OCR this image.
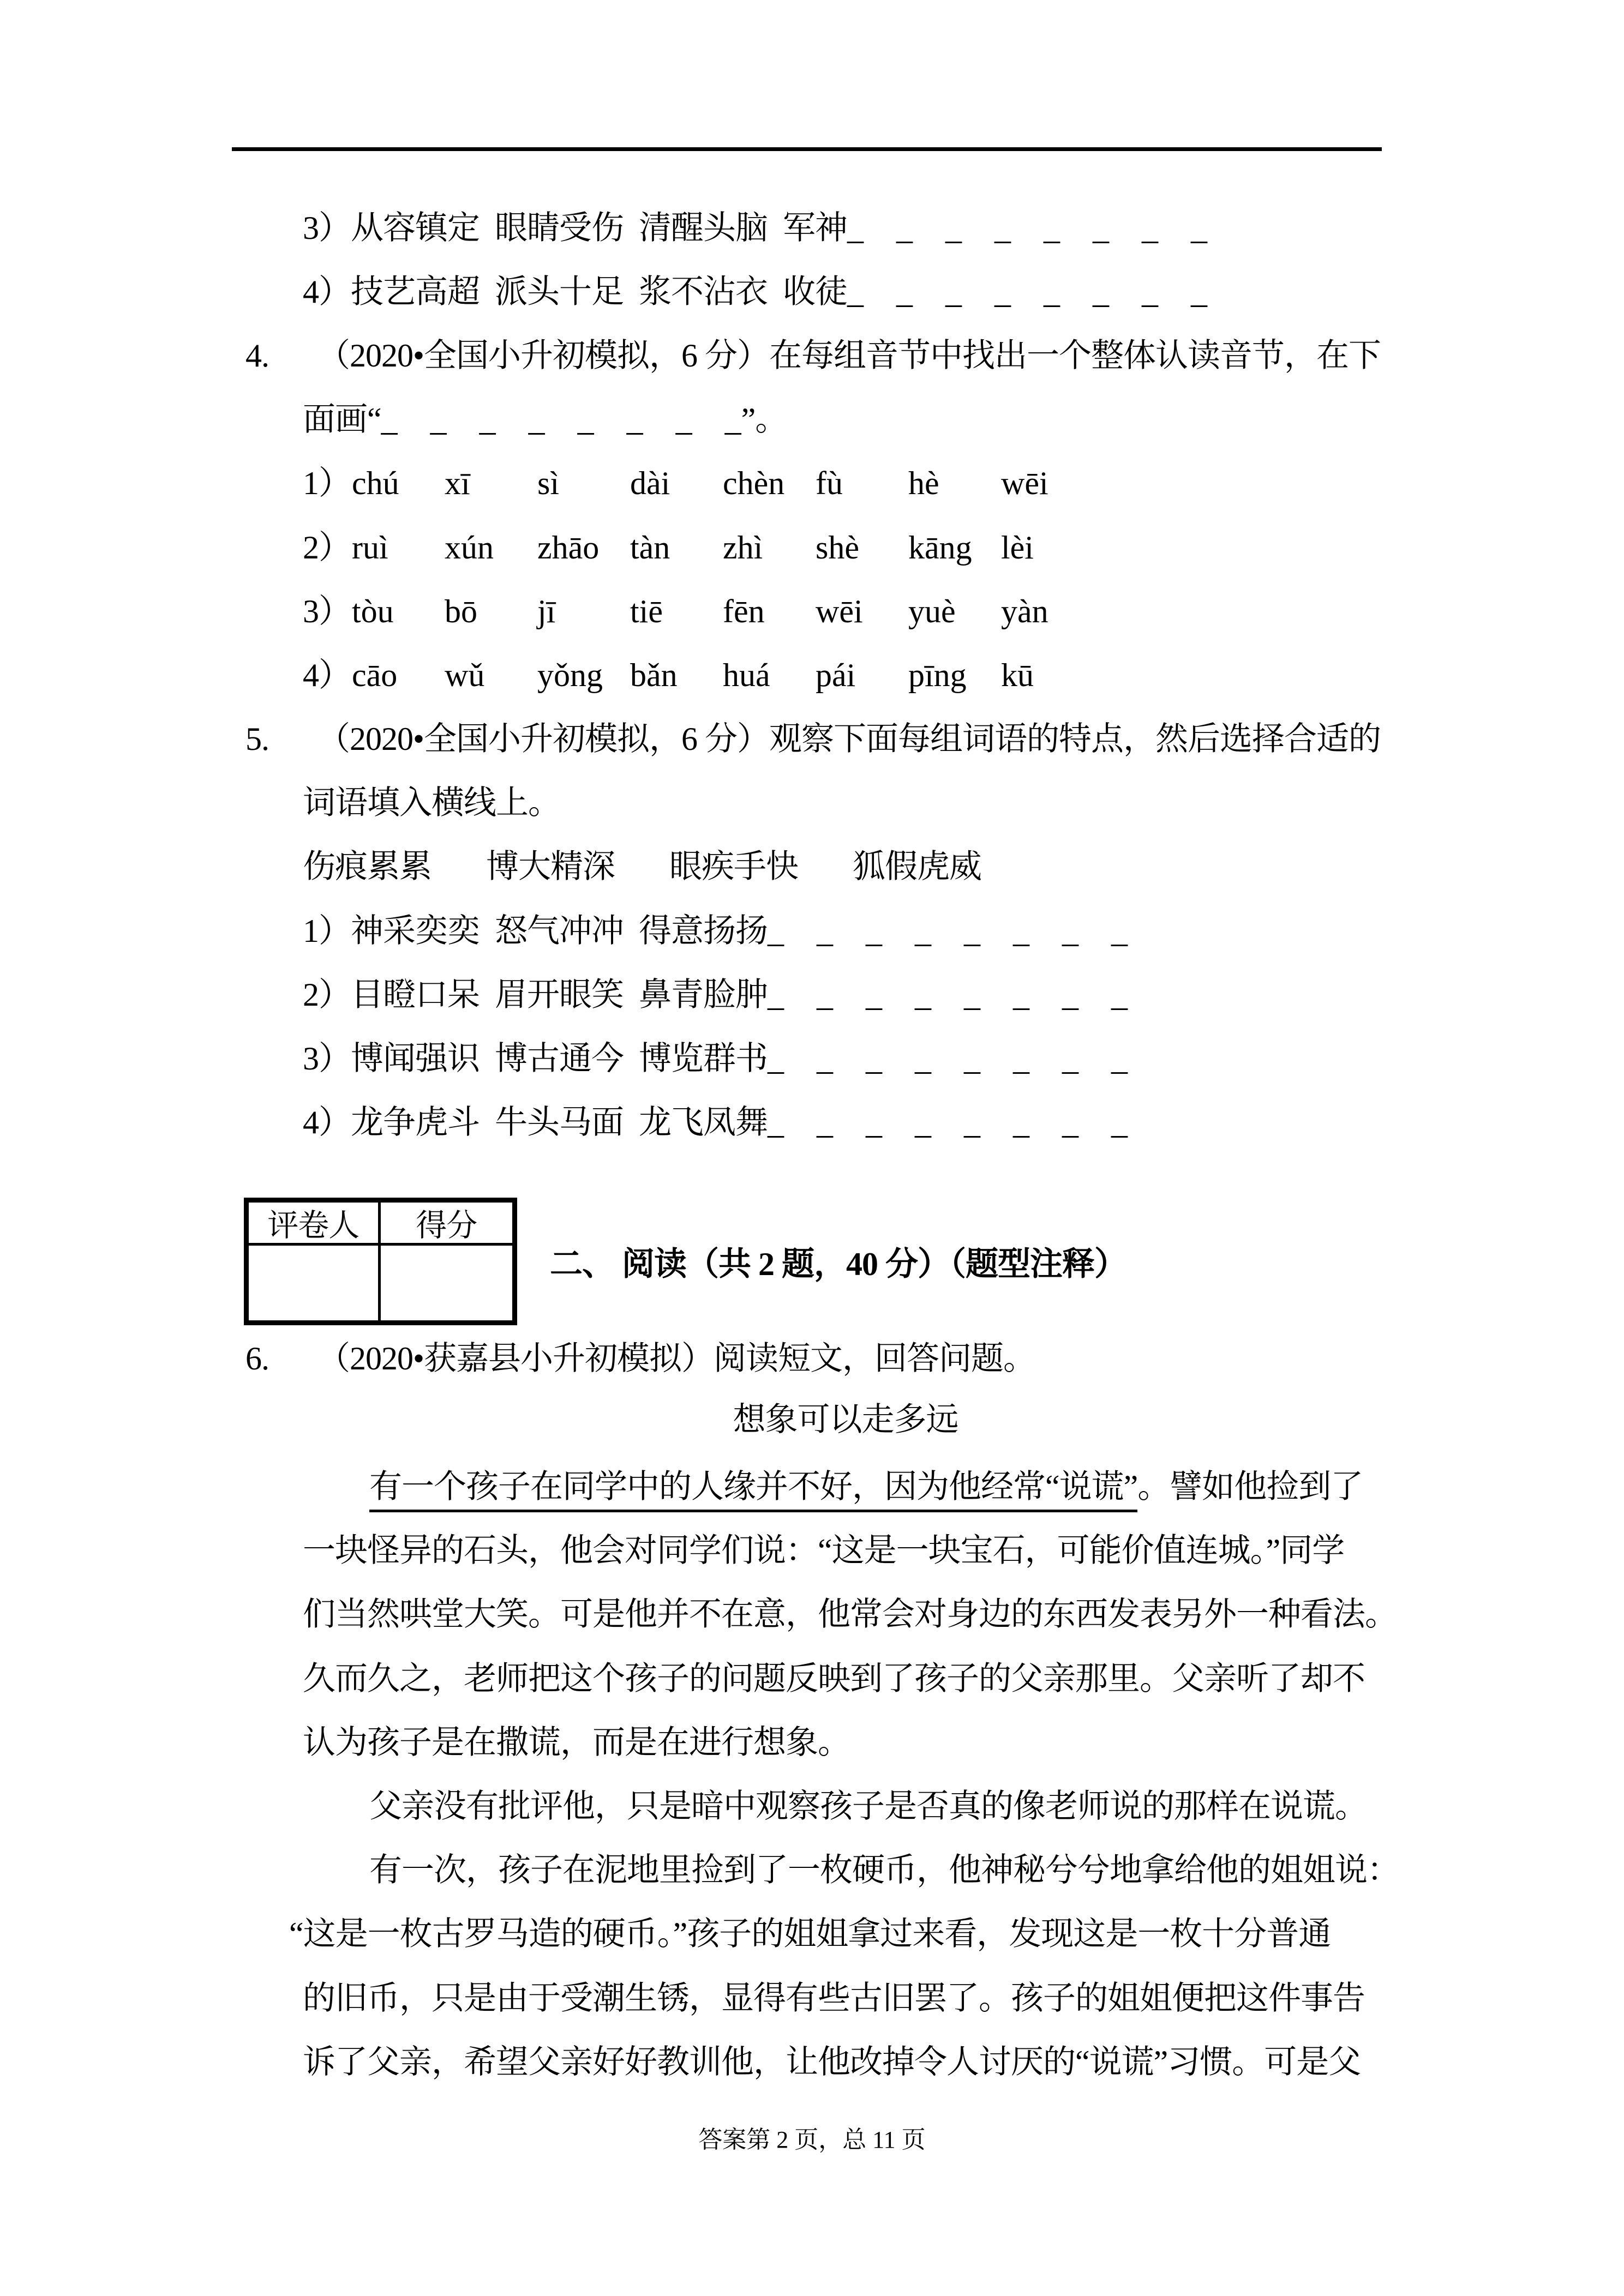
3）从容镇定 眼睛受伤 清醒头脑 军神_ _ _ _ _ _ _ _
4）技艺高超 派头十足 浆不沾衣 收徒_ _ _ _ _ _ _ _
4. （2020•全国小升初模拟，6 分）在每组音节中找出一个整体认读音节，在下
面画“_ _ _ _ _ _ _ _”。
1）chú xī sì dài chèn fù hè wēi
2）ruì xún zhāo tàn zhì shè kāng lèi
3）tòu bō jī tiē fēn wēi yuè yàn
4）cāo wǔ yǒng bǎn huá pái pīng kū
5. （2020•全国小升初模拟，6 分）观察下面每组词语的特点，然后选择合适的
词语填入横线上。
伤痕累累 博大精深 眼疾手快 狐假虎威
1）神采奕奕 怒气冲冲 得意扬扬_ _ _ _ _ _ _ _
2）目瞪口呆 眉开眼笑 鼻青脸肿_ _ _ _ _ _ _ _
3）博闻强识 博古通今 博览群书_ _ _ _ _ _ _ _
4）龙争虎斗 牛头马面 龙飞凤舞_ _ _ _ _ _ _ _
评卷人	得分
二、 阅读（共 2 题，40 分）（题型注释）
6. （2020•获嘉县小升初模拟）阅读短文，回答问题。
想象可以走多远
有一个孩子在同学中的人缘并不好，因为他经常“说谎”。譬如他捡到了
一块怪异的石头，他会对同学们说：“这是一块宝石，可能价值连城。”同学
们当然哄堂大笑。可是他并不在意，他常会对身边的东西发表另外一种看法。
久而久之，老师把这个孩子的问题反映到了孩子的父亲那里。父亲听了却不
认为孩子是在撒谎，而是在进行想象。
父亲没有批评他，只是暗中观察孩子是否真的像老师说的那样在说谎。
有一次，孩子在泥地里捡到了一枚硬币，他神秘兮兮地拿给他的姐姐说：
“这是一枚古罗马造的硬币。”孩子的姐姐拿过来看，发现这是一枚十分普通
的旧币，只是由于受潮生锈，显得有些古旧罢了。孩子的姐姐便把这件事告
诉了父亲，希望父亲好好教训他，让他改掉令人讨厌的“说谎”习惯。可是父
答案第 2 页，总 11 页
